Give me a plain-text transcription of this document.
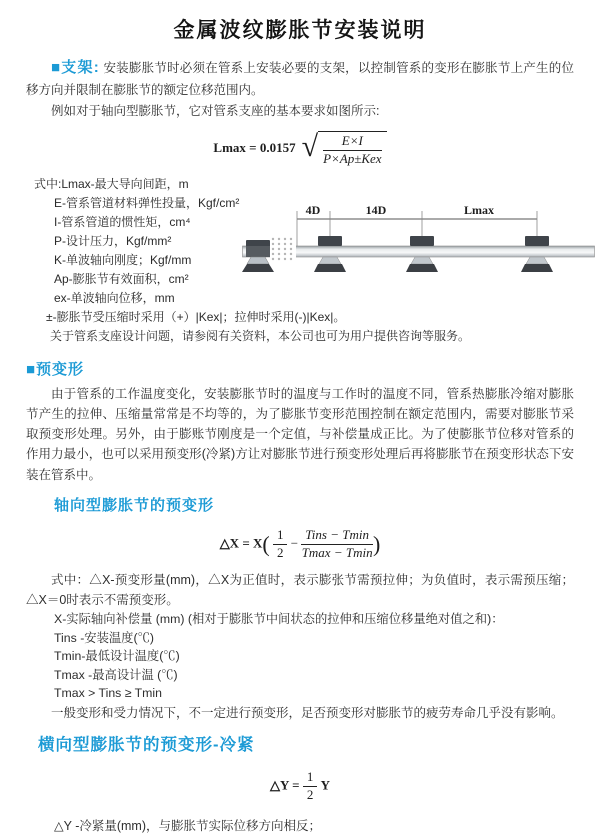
金属波纹膨胀节安装说明

■支架: 安装膨胀节时必须在管系上安装必要的支架，以控制管系的变形在膨胀节上产生的位移方向并限制在膨胀节的额定位移范围内。

例如对于轴向型膨胀节，它对管系支座的基本要求如图所示:

Lmax = 0.0157 √ $\frac{E\times I}{\text{P×Ap±Kex}}$
式中:Lmax-最大导向间距，m
E-管系管道材料弹性投量，Kgf/cm²
I-管系管道的惯性矩，cm⁴
P-设计压力，Kgf/mm²
K-单波轴向刚度；Kgf/mm
Ap-膨胀节有效面积，cm²
ex-单波轴向位移，mm
±-膨胀节受压缩时采用（+）|Kex|；拉伸时采用(-)|Kex|。
关于管系支座设计问题，请参阅有关资料，本公司也可为用户提供咨询等服务。
4D	14D	Lmax
■预变形

由于管系的工作温度变化，安装膨胀节时的温度与工作时的温度不同，管系热膨胀冷缩对膨胀节产生的拉伸、压缩量常常是不均等的，为了膨胀节变形范围控制在额定范围内，需要对膨胀节采取预变形处理。另外，由于膨账节刚度是一个定值，与补偿量成正比。为了使膨胀节位移对管系的作用力最小，也可以采用预变形(冷紧)方让对膨胀节进行预变形处理后再将膨胀节在预变形状态下安装在管系中。

轴向型膨胀节的预变形
△X = $X( \frac{1}{2} - \frac{\text{Tins − Tmin}}{Tmax - Tmin}$ )

式中：△X-预变形量(mm)，△X为正值时，表示膨张节需预拉伸；为负值时，表示需预压缩；△X＝0时表示不需预变形。

X-实际轴向补偿量 (mm) (相对于膨胀节中间状态的拉伸和压缩位移量绝对值之和)：
Tins -安装温度(℃)
Tmin-最低设计温度(℃)
Tmax -最高设计温 (℃)
Tmax > Tins ≥ Tmin

一般变形和受力情况下，不一定进行预变形，足否预变形对膨胀节的疲劳寿命几乎没有影响。

横向型膨胀节的预变形-冷紧
△Y = $\frac{1}{2}$ Y
△Y -冷紧量(mm)，与膨胀节实际位移方向相反；
